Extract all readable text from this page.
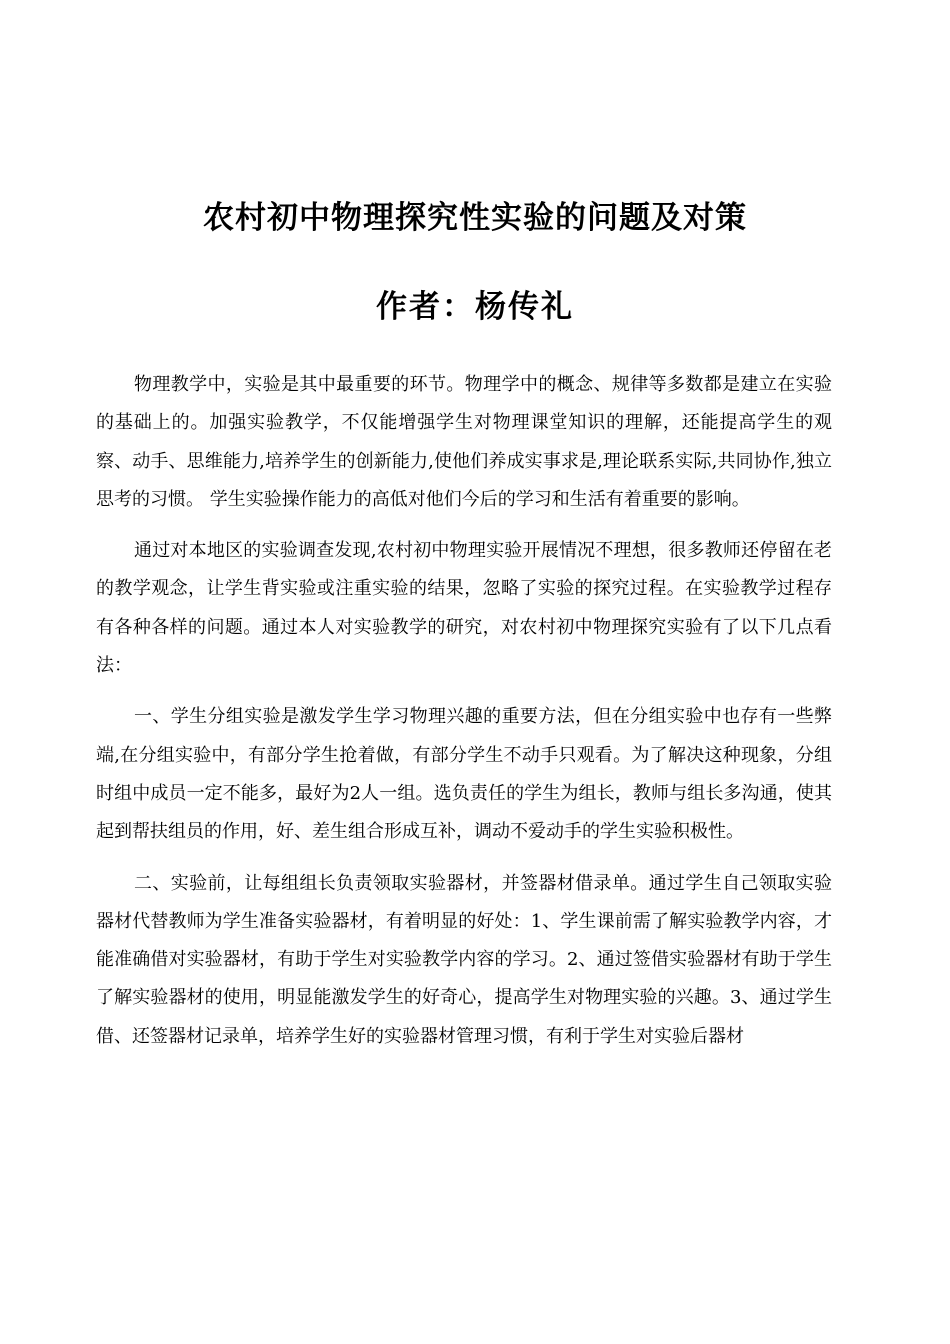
农村初中物理探究性实验的问题及对策
作者：杨传礼

物理教学中，实验是其中最重要的环节。物理学中的概念、规律等多数都是建立在实验的基础上的。加强实验教学，不仅能增强学生对物理课堂知识的理解，还能提高学生的观察、动手、思维能力,培养学生的创新能力,使他们养成实事求是,理论联系实际,共同协作,独立思考的习惯。 学生实验操作能力的高低对他们今后的学习和生活有着重要的影响。

通过对本地区的实验调查发现,农村初中物理实验开展情况不理想，很多教师还停留在老的教学观念，让学生背实验或注重实验的结果，忽略了实验的探究过程。在实验教学过程存有各种各样的问题。通过本人对实验教学的研究，对农村初中物理探究实验有了以下几点看法：

一、学生分组实验是激发学生学习物理兴趣的重要方法，但在分组实验中也存有一些弊端,在分组实验中，有部分学生抢着做，有部分学生不动手只观看。为了解决这种现象，分组时组中成员一定不能多，最好为2人一组。选负责任的学生为组长，教师与组长多沟通，使其起到帮扶组员的作用，好、差生组合形成互补，调动不爱动手的学生实验积极性。

二、实验前，让每组组长负责领取实验器材，并签器材借录单。通过学生自己领取实验器材代替教师为学生准备实验器材，有着明显的好处：1、学生课前需了解实验教学内容，才能准确借对实验器材，有助于学生对实验教学内容的学习。2、通过签借实验器材有助于学生了解实验器材的使用，明显能激发学生的好奇心，提高学生对物理实验的兴趣。3、通过学生借、还签器材记录单，培养学生好的实验器材管理习惯，有利于学生对实验后器材
